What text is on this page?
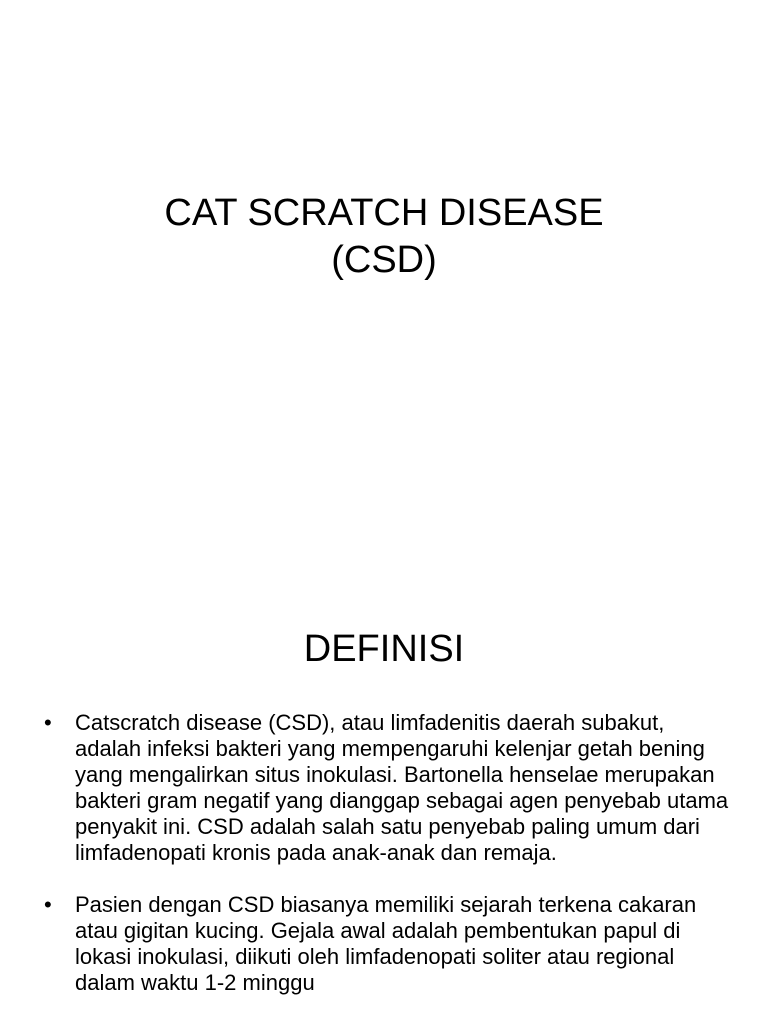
CAT SCRATCH DISEASE
(CSD)
DEFINISI
• Catscratch disease (CSD), atau limfadenitis daerah subakut, adalah infeksi bakteri yang mempengaruhi kelenjar getah bening yang mengalirkan situs inokulasi. Bartonella henselae merupakan bakteri gram negatif yang dianggap sebagai agen penyebab utama penyakit ini. CSD adalah salah satu penyebab paling umum dari limfadenopati kronis pada anak-anak dan remaja.
• Pasien dengan CSD biasanya memiliki sejarah terkena cakaran atau gigitan kucing. Gejala awal adalah pembentukan papul di lokasi inokulasi, diikuti oleh limfadenopati soliter atau regional dalam waktu 1-2 minggu
